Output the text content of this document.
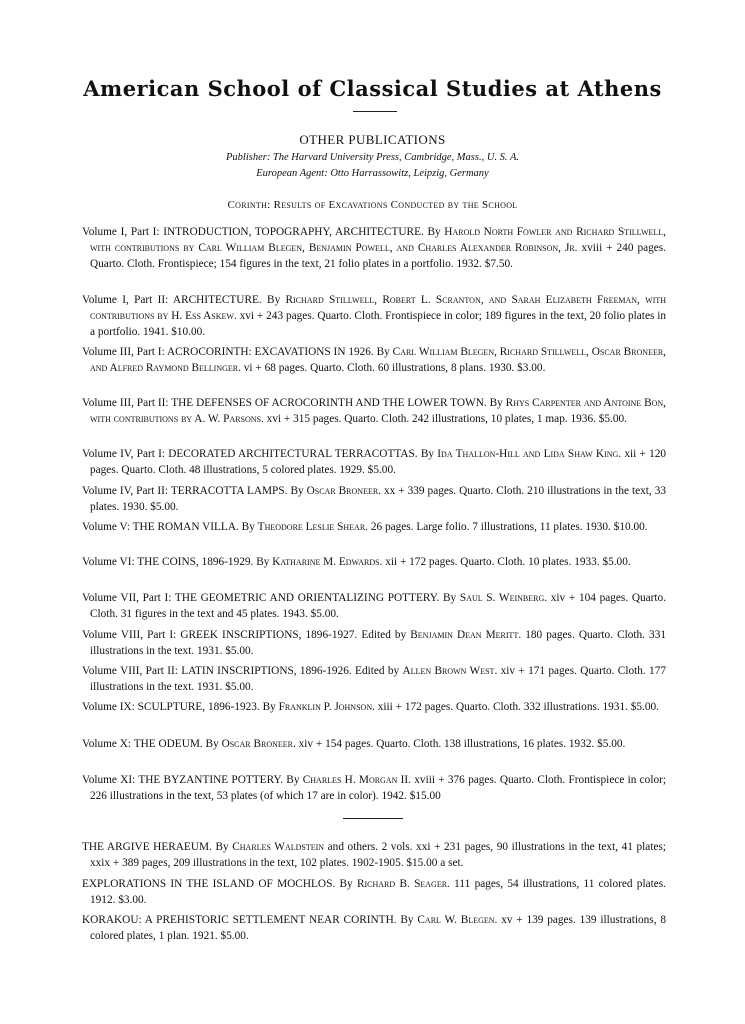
American School of Classical Studies at Athens
OTHER PUBLICATIONS
Publisher: The Harvard University Press, Cambridge, Mass., U. S. A.
European Agent: Otto Harrassowitz, Leipzig, Germany
Corinth: Results of Excavations Conducted by the School
Volume I, Part I: INTRODUCTION, TOPOGRAPHY, ARCHITECTURE. By Harold North Fowler and Richard Stillwell, with contributions by Carl William Blegen, Benjamin Powell, and Charles Alexander Robinson, Jr. xviii + 240 pages. Quarto. Cloth. Frontispiece; 154 figures in the text, 21 folio plates in a portfolio. 1932. $7.50.
Volume I, Part II: ARCHITECTURE. By Richard Stillwell, Robert L. Scranton, and Sarah Elizabeth Freeman, with contributions by H. Ess Askew. xvi + 243 pages. Quarto. Cloth. Frontispiece in color; 189 figures in the text, 20 folio plates in a portfolio. 1941. $10.00.
Volume III, Part I: ACROCORINTH: EXCAVATIONS IN 1926. By Carl William Blegen, Richard Stillwell, Oscar Broneer, and Alfred Raymond Bellinger. vi + 68 pages. Quarto. Cloth. 60 illustrations, 8 plans. 1930. $3.00.
Volume III, Part II: THE DEFENSES OF ACROCORINTH AND THE LOWER TOWN. By Rhys Carpenter and Antoine Bon, with contributions by A. W. Parsons. xvi + 315 pages. Quarto. Cloth. 242 illustrations, 10 plates, 1 map. 1936. $5.00.
Volume IV, Part I: DECORATED ARCHITECTURAL TERRACOTTAS. By Ida Thallon-Hill and Lida Shaw King. xii + 120 pages. Quarto. Cloth. 48 illustrations, 5 colored plates. 1929. $5.00.
Volume IV, Part II: TERRACOTTA LAMPS. By Oscar Broneer. xx + 339 pages. Quarto. Cloth. 210 illustrations in the text, 33 plates. 1930. $5.00.
Volume V: THE ROMAN VILLA. By Theodore Leslie Shear. 26 pages. Large folio. 7 illustrations, 11 plates. 1930. $10.00.
Volume VI: THE COINS, 1896-1929. By Katharine M. Edwards. xii + 172 pages. Quarto. Cloth. 10 plates. 1933. $5.00.
Volume VII, Part I: THE GEOMETRIC AND ORIENTALIZING POTTERY. By Saul S. Weinberg. xiv + 104 pages. Quarto. Cloth. 31 figures in the text and 45 plates. 1943. $5.00.
Volume VIII, Part I: GREEK INSCRIPTIONS, 1896-1927. Edited by Benjamin Dean Meritt. 180 pages. Quarto. Cloth. 331 illustrations in the text. 1931. $5.00.
Volume VIII, Part II: LATIN INSCRIPTIONS, 1896-1926. Edited by Allen Brown West. xiv + 171 pages. Quarto. Cloth. 177 illustrations in the text. 1931. $5.00.
Volume IX: SCULPTURE, 1896-1923. By Franklin P. Johnson. xiii + 172 pages. Quarto. Cloth. 332 illustrations. 1931. $5.00.
Volume X: THE ODEUM. By Oscar Broneer. xiv + 154 pages. Quarto. Cloth. 138 illustrations, 16 plates. 1932. $5.00.
Volume XI: THE BYZANTINE POTTERY. By Charles H. Morgan II. xviii + 376 pages. Quarto. Cloth. Frontispiece in color; 226 illustrations in the text, 53 plates (of which 17 are in color). 1942. $15.00
THE ARGIVE HERAEUM. By Charles Waldstein and others. 2 vols. xxi + 231 pages, 90 illustrations in the text, 41 plates; xxix + 389 pages, 209 illustrations in the text, 102 plates. 1902-1905. $15.00 a set.
EXPLORATIONS IN THE ISLAND OF MOCHLOS. By Richard B. Seager. 111 pages, 54 illustrations, 11 colored plates. 1912. $3.00.
KORAKOU: A PREHISTORIC SETTLEMENT NEAR CORINTH. By Carl W. Blegen. xv + 139 pages. 139 illustrations, 8 colored plates, 1 plan. 1921. $5.00.
